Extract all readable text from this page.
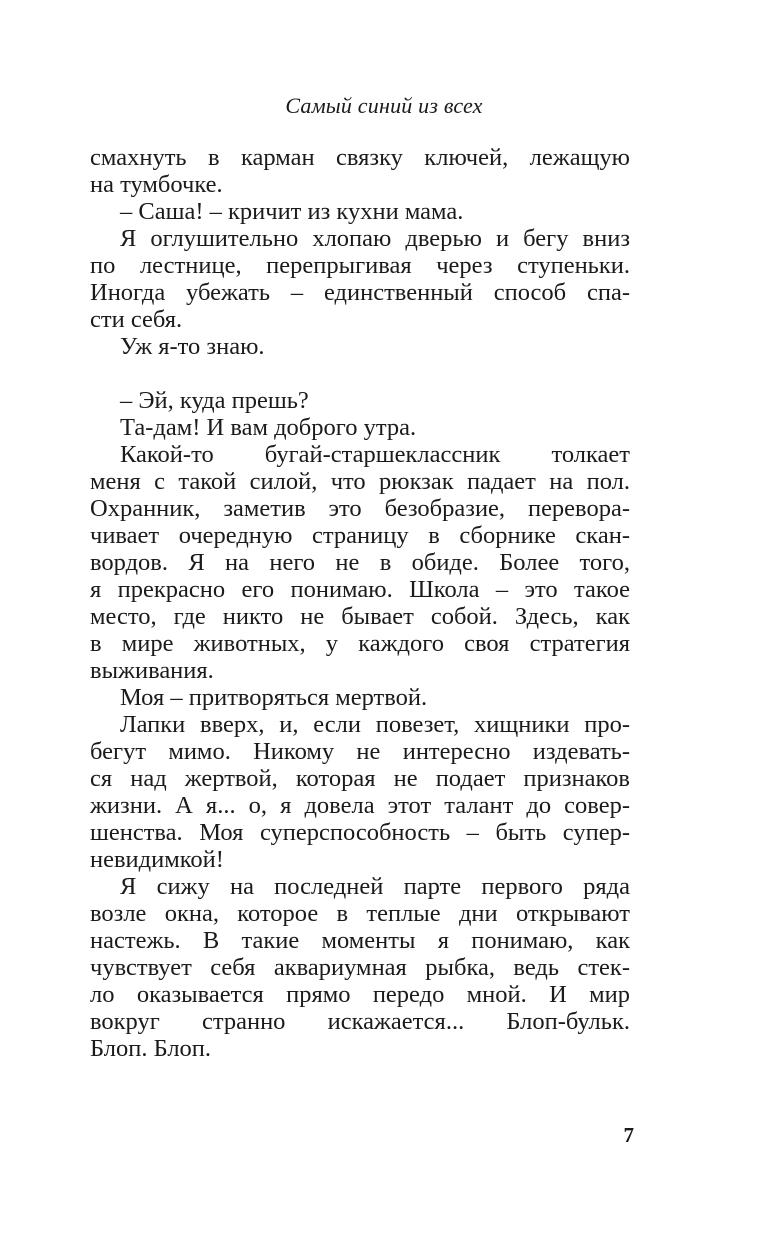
Самый синий из всех
смахнуть в карман связку ключей, лежащую
на тумбочке.
– Саша! – кричит из кухни мама.
Я оглушительно хлопаю дверью и бегу вниз
по лестнице, перепрыгивая через ступеньки.
Иногда убежать – единственный способ спа-
сти себя.
Уж я-то знаю.
– Эй, куда прешь?
Та-дам! И вам доброго утра.
Какой-то бугай-старшеклассник толкает
меня с такой силой, что рюкзак падает на пол.
Охранник, заметив это безобразие, перевора-
чивает очередную страницу в сборнике скан-
вордов. Я на него не в обиде. Более того,
я прекрасно его понимаю. Школа – это такое
место, где никто не бывает собой. Здесь, как
в мире животных, у каждого своя стратегия
выживания.
Моя – притворяться мертвой.
Лапки вверх, и, если повезет, хищники про-
бегут мимо. Никому не интересно издевать-
ся над жертвой, которая не подает признаков
жизни. А я... о, я довела этот талант до совер-
шенства. Моя суперспособность – быть супер-
невидимкой!
Я сижу на последней парте первого ряда
возле окна, которое в теплые дни открывают
настежь. В такие моменты я понимаю, как
чувствует себя аквариумная рыбка, ведь стек-
ло оказывается прямо передо мной. И мир
вокруг странно искажается... Блоп-бульк.
Блоп. Блоп.
7
